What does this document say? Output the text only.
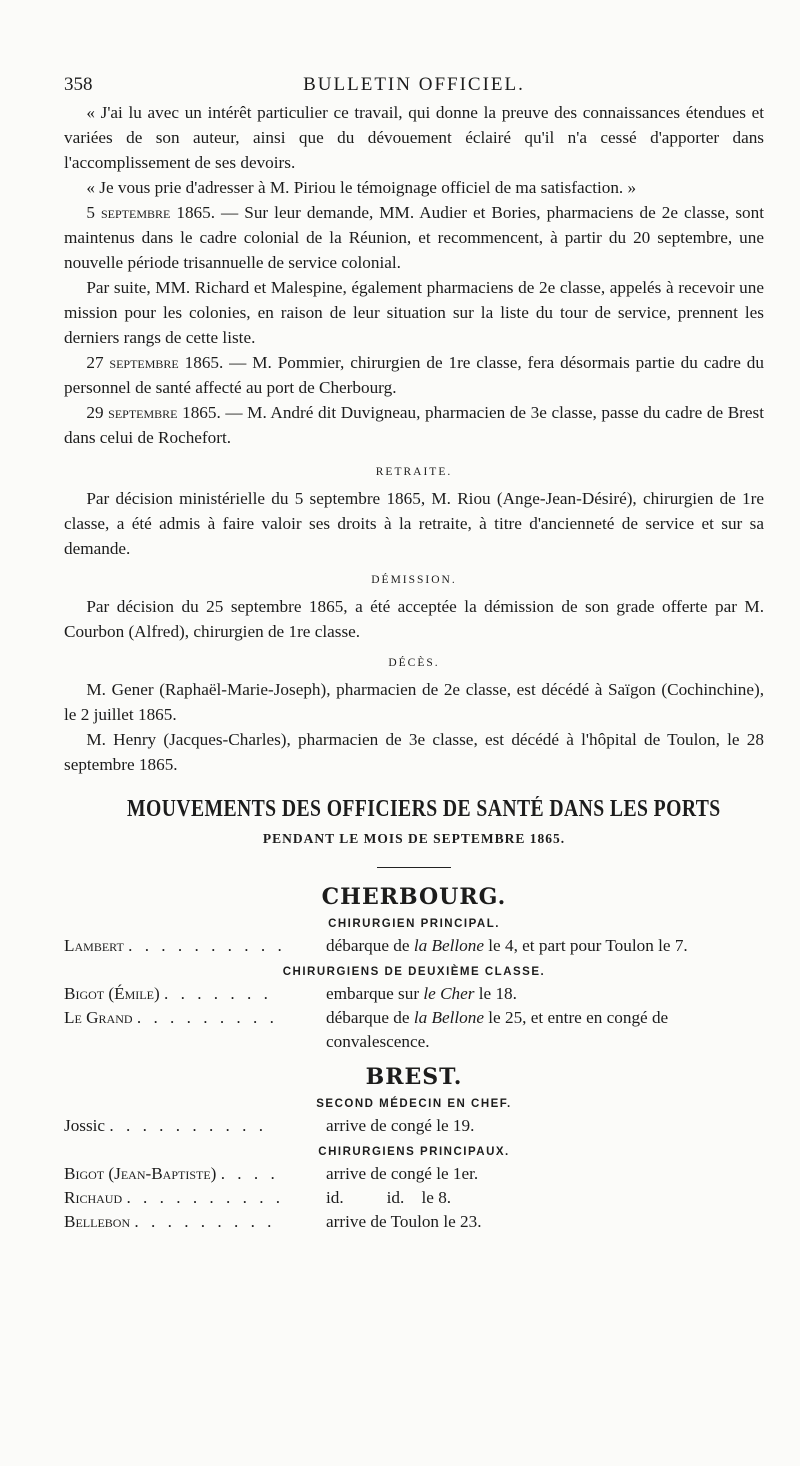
358	BULLETIN OFFICIEL.

« J'ai lu avec un intérêt particulier ce travail, qui donne la preuve des connaissances étendues et variées de son auteur, ainsi que du dévouement éclairé qu'il n'a cessé d'apporter dans l'accomplissement de ses devoirs.

« Je vous prie d'adresser à M. Piriou le témoignage officiel de ma satisfaction. »

5 septembre 1865. — Sur leur demande, MM. Audier et Bories, pharmaciens de 2e classe, sont maintenus dans le cadre colonial de la Réunion, et recommencent, à partir du 20 septembre, une nouvelle période trisannuelle de service colonial.

Par suite, MM. Richard et Malespine, également pharmaciens de 2e classe, appelés à recevoir une mission pour les colonies, en raison de leur situation sur la liste du tour de service, prennent les derniers rangs de cette liste.

27 septembre 1865. — M. Pommier, chirurgien de 1re classe, fera désormais partie du cadre du personnel de santé affecté au port de Cherbourg.

29 septembre 1865. — M. André dit Duvigneau, pharmacien de 3e classe, passe du cadre de Brest dans celui de Rochefort.

RETRAITE.

Par décision ministérielle du 5 septembre 1865, M. Riou (Ange-Jean-Désiré), chirurgien de 1re classe, a été admis à faire valoir ses droits à la retraite, à titre d'ancienneté de service et sur sa demande.

DÉMISSION.

Par décision du 25 septembre 1865, a été acceptée la démission de son grade offerte par M. Courbon (Alfred), chirurgien de 1re classe.

DÉCÈS.

M. Gener (Raphaël-Marie-Joseph), pharmacien de 2e classe, est décédé à Saïgon (Cochinchine), le 2 juillet 1865.

M. Henry (Jacques-Charles), pharmacien de 3e classe, est décédé à l'hôpital de Toulon, le 28 septembre 1865.

MOUVEMENTS DES OFFICIERS DE SANTÉ DANS LES PORTS
PENDANT LE MOIS DE SEPTEMBRE 1865.
CHERBOURG.
CHIRURGIEN PRINCIPAL.
Lambert . . . . . . . . . .	débarque de la Bellone le 4, et part pour Toulon le 7.
CHIRURGIENS DE DEUXIÈME CLASSE.
Bigot (Émile) . . . . . . .	embarque sur le Cher le 18.
Le Grand . . . . . . . . .	débarque de la Bellone le 25, et entre en congé de convalescence.
BREST.
SECOND MÉDECIN EN CHEF.
Jossic . . . . . . . . . .	arrive de congé le 19.
CHIRURGIENS PRINCIPAUX.
Bigot (Jean-Baptiste) . . . .	arrive de congé le 1er.
Richaud . . . . . . . . . .	id.          id.    le 8.
Bellebon . . . . . . . . .	arrive de Toulon le 23.
